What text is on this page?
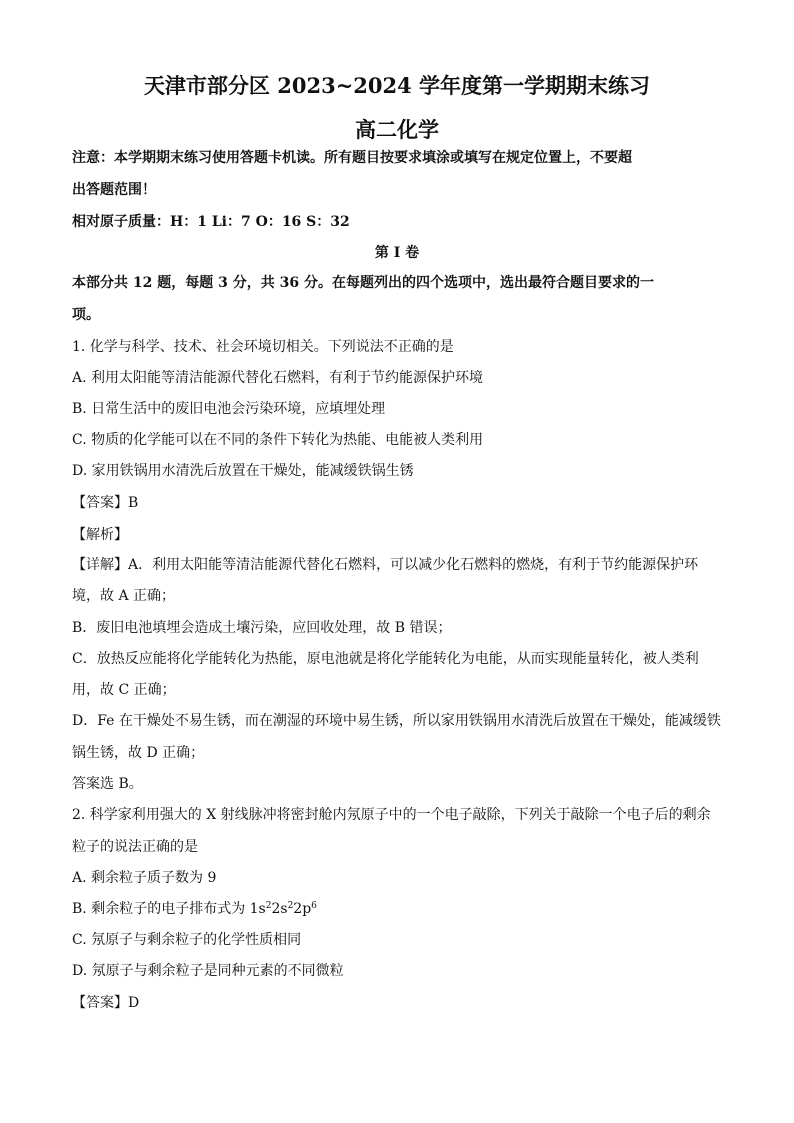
天津市部分区 2023~2024 学年度第一学期期末练习
高二化学
注意：本学期期末练习使用答题卡机读。所有题目按要求填涂或填写在规定位置上，不要超
出答题范围！
相对原子质量：H：1 Li：7 O：16 S：32
第 I 卷
本部分共 12 题，每题 3 分，共 36 分。在每题列出的四个选项中，选出最符合题目要求的一
项。
1. 化学与科学、技术、社会环境切相关。下列说法不正确的是
A. 利用太阳能等清洁能源代替化石燃料，有利于节约能源保护环境
B. 日常生活中的废旧电池会污染环境，应填埋处理
C. 物质的化学能可以在不同的条件下转化为热能、电能被人类利用
D. 家用铁锅用水清洗后放置在干燥处，能减缓铁锅生锈
【答案】B
【解析】
【详解】A．利用太阳能等清洁能源代替化石燃料，可以减少化石燃料的燃烧，有利于节约能源保护环
境，故 A 正确；
B．废旧电池填埋会造成土壤污染，应回收处理，故 B 错误；
C．放热反应能将化学能转化为热能，原电池就是将化学能转化为电能，从而实现能量转化，被人类利
用，故 C 正确；
D．Fe 在干燥处不易生锈，而在潮湿的环境中易生锈，所以家用铁锅用水清洗后放置在干燥处，能减缓铁
锅生锈，故 D 正确；
答案选 B。
2. 科学家利用强大的 X 射线脉冲将密封舱内氖原子中的一个电子敲除，下列关于敲除一个电子后的剩余
粒子的说法正确的是
A. 剩余粒子质子数为 9
B. 剩余粒子的电子排布式为 $1s^22s^22p^6$
C. 氖原子与剩余粒子的化学性质相同
D. 氖原子与剩余粒子是同种元素的不同微粒
【答案】D
